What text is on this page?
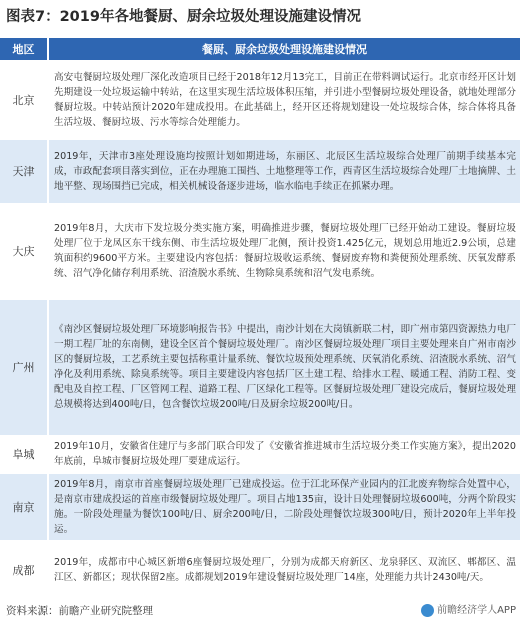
图表7：2019年各地餐厨、厨余垃圾处理设施建设情况
地区	餐厨、厨余垃圾处理设施建设情况
北京	高安屯餐厨垃圾处理厂深化改造项目已经于2018年12月13完工，目前正在带料调试运行。北京市经开区计划先期建设一处垃圾运输中转站，在这里实现生活垃圾体积压缩，并引进小型餐厨垃圾处理设备，就地处理部分餐厨垃圾。中转站预计2020年建成投用。在此基础上，经开区还将规划建设一处垃圾综合体，综合体将具备生活垃圾、餐厨垃圾、污水等综合处理能力。
天津	2019年，天津市3座处理设施均按照计划如期进场，东丽区、北辰区生活垃圾综合处理厂前期手续基本完成，市政配套项目落实到位，正在办理施工围挡、土地整理等工作，西青区生活垃圾综合处理厂土地摘牌、土地平整、现场围挡已完成，相关机械设备逐步进场，临水临电手续正在抓紧办理。
大庆	2019年8月，大庆市下发垃圾分类实施方案，明确推进步骤，餐厨垃圾处理厂已经开始动工建设。餐厨垃圾处理厂位于龙凤区东干线东侧、市生活垃圾处理厂北侧，预计投资1.425亿元，规划总用地近2.9公顷，总建筑面积约9600平方米。主要建设内容包括：餐厨垃圾收运系统、餐厨废弃物和粪便预处理系统、厌氧发酵系统、沼气净化储存利用系统、沼渣脱水系统、生物除臭系统和沼气发电系统。
广州	《南沙区餐厨垃圾处理厂环境影响报告书》中提出，南沙计划在大岗镇新联二村，即广州市第四资源热力电厂一期工程厂址的东南侧，建设全区首个餐厨垃圾处理厂。南沙区餐厨垃圾处理厂项目主要处理来自广州市南沙区的餐厨垃圾，工艺系统主要包括称重计量系统、餐饮垃圾预处理系统、厌氧消化系统、沼渣脱水系统、沼气净化及利用系统、除臭系统等。项目主要建设内容包括厂区土建工程、给排水工程、暖通工程、消防工程、变配电及自控工程、厂区管网工程、道路工程、厂区绿化工程等。区餐厨垃圾处理厂建设完成后，餐厨垃圾处理总规模将达到400吨/日，包含餐饮垃圾200吨/日及厨余垃圾200吨/日。
阜城	2019年10月，安徽省住建厅与多部门联合印发了《安徽省推进城市生活垃圾分类工作实施方案》，提出2020年底前，阜城市餐厨垃圾处理厂要建成运行。
南京	2019年8月，南京市首座餐厨垃圾处理厂已建成投运。位于江北环保产业园内的江北废弃物综合处置中心，是南京市建成投运的首座市级餐厨垃圾处理厂。项目占地135亩，设计日处理餐厨垃圾600吨，分两个阶段实施。一阶段处理量为餐饮100吨/日、厨余200吨/日，二阶段处理餐饮垃圾300吨/日，预计2020年上半年投运。
成都	2019年，成都市中心城区新增6座餐厨垃圾处理厂，分别为成都天府新区、龙泉驿区、双流区、郫都区、温江区、新都区；现状保留2座。成都规划2019年建设餐厨垃圾处理厂14座，处理能力共计2430吨/天。
资料来源：前瞻产业研究院整理	前瞻经济学人APP
